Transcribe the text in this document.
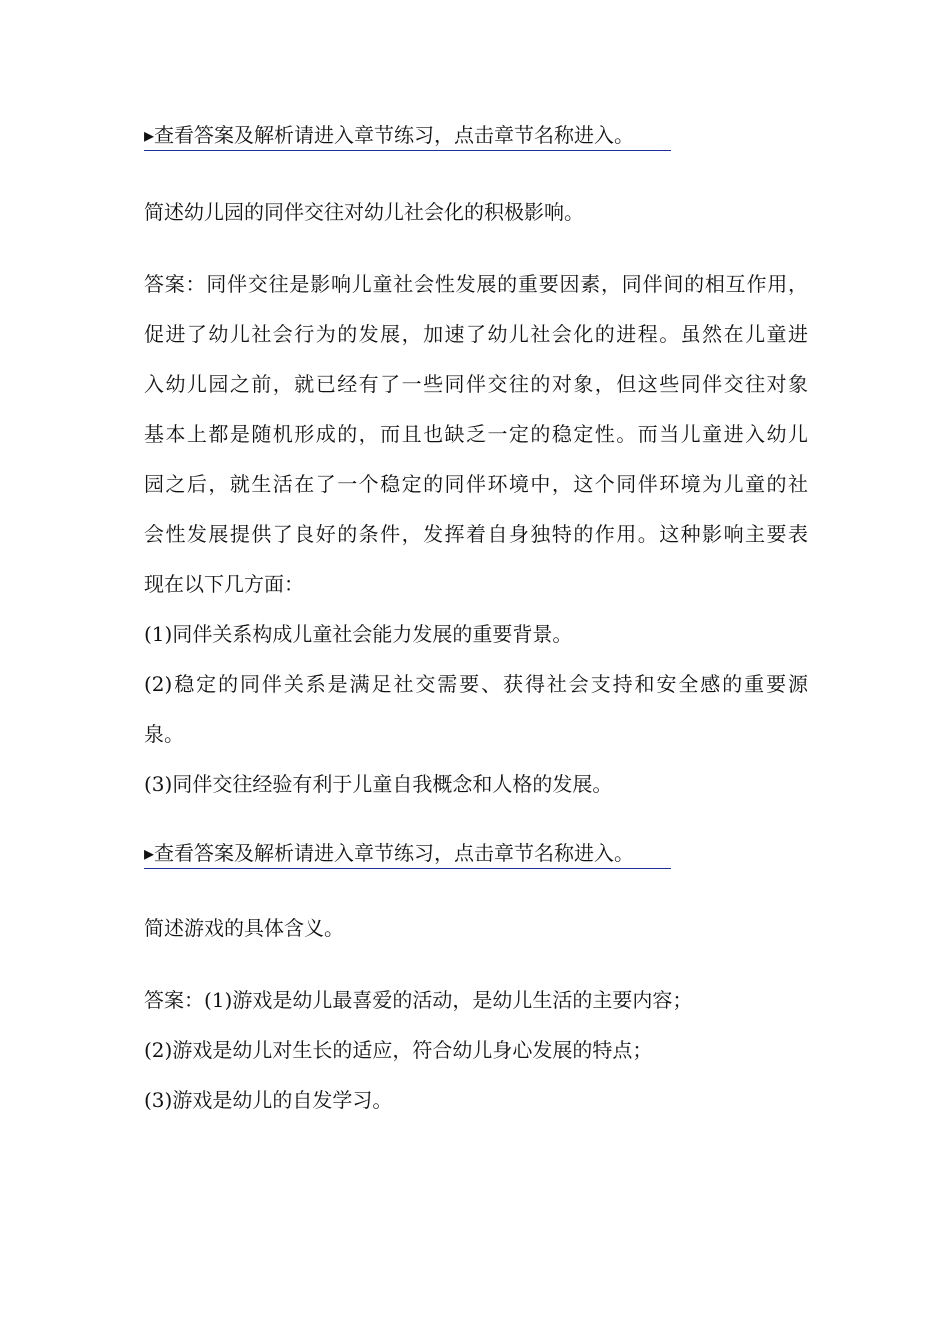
▸查看答案及解析请进入章节练习，点击章节名称进入。
简述幼儿园的同伴交往对幼儿社会化的积极影响。
答案：同伴交往是影响儿童社会性发展的重要因素，同伴间的相互作用，
促进了幼儿社会行为的发展，加速了幼儿社会化的进程。虽然在儿童进
入幼儿园之前，就已经有了一些同伴交往的对象，但这些同伴交往对象
基本上都是随机形成的，而且也缺乏一定的稳定性。而当儿童进入幼儿
园之后，就生活在了一个稳定的同伴环境中，这个同伴环境为儿童的社
会性发展提供了良好的条件，发挥着自身独特的作用。这种影响主要表
现在以下几方面：
(1)同伴关系构成儿童社会能力发展的重要背景。
(2)稳定的同伴关系是满足社交需要、获得社会支持和安全感的重要源
泉。
(3)同伴交往经验有利于儿童自我概念和人格的发展。
▸查看答案及解析请进入章节练习，点击章节名称进入。
简述游戏的具体含义。
答案：(1)游戏是幼儿最喜爱的活动，是幼儿生活的主要内容；
(2)游戏是幼儿对生长的适应，符合幼儿身心发展的特点；
(3)游戏是幼儿的自发学习。
